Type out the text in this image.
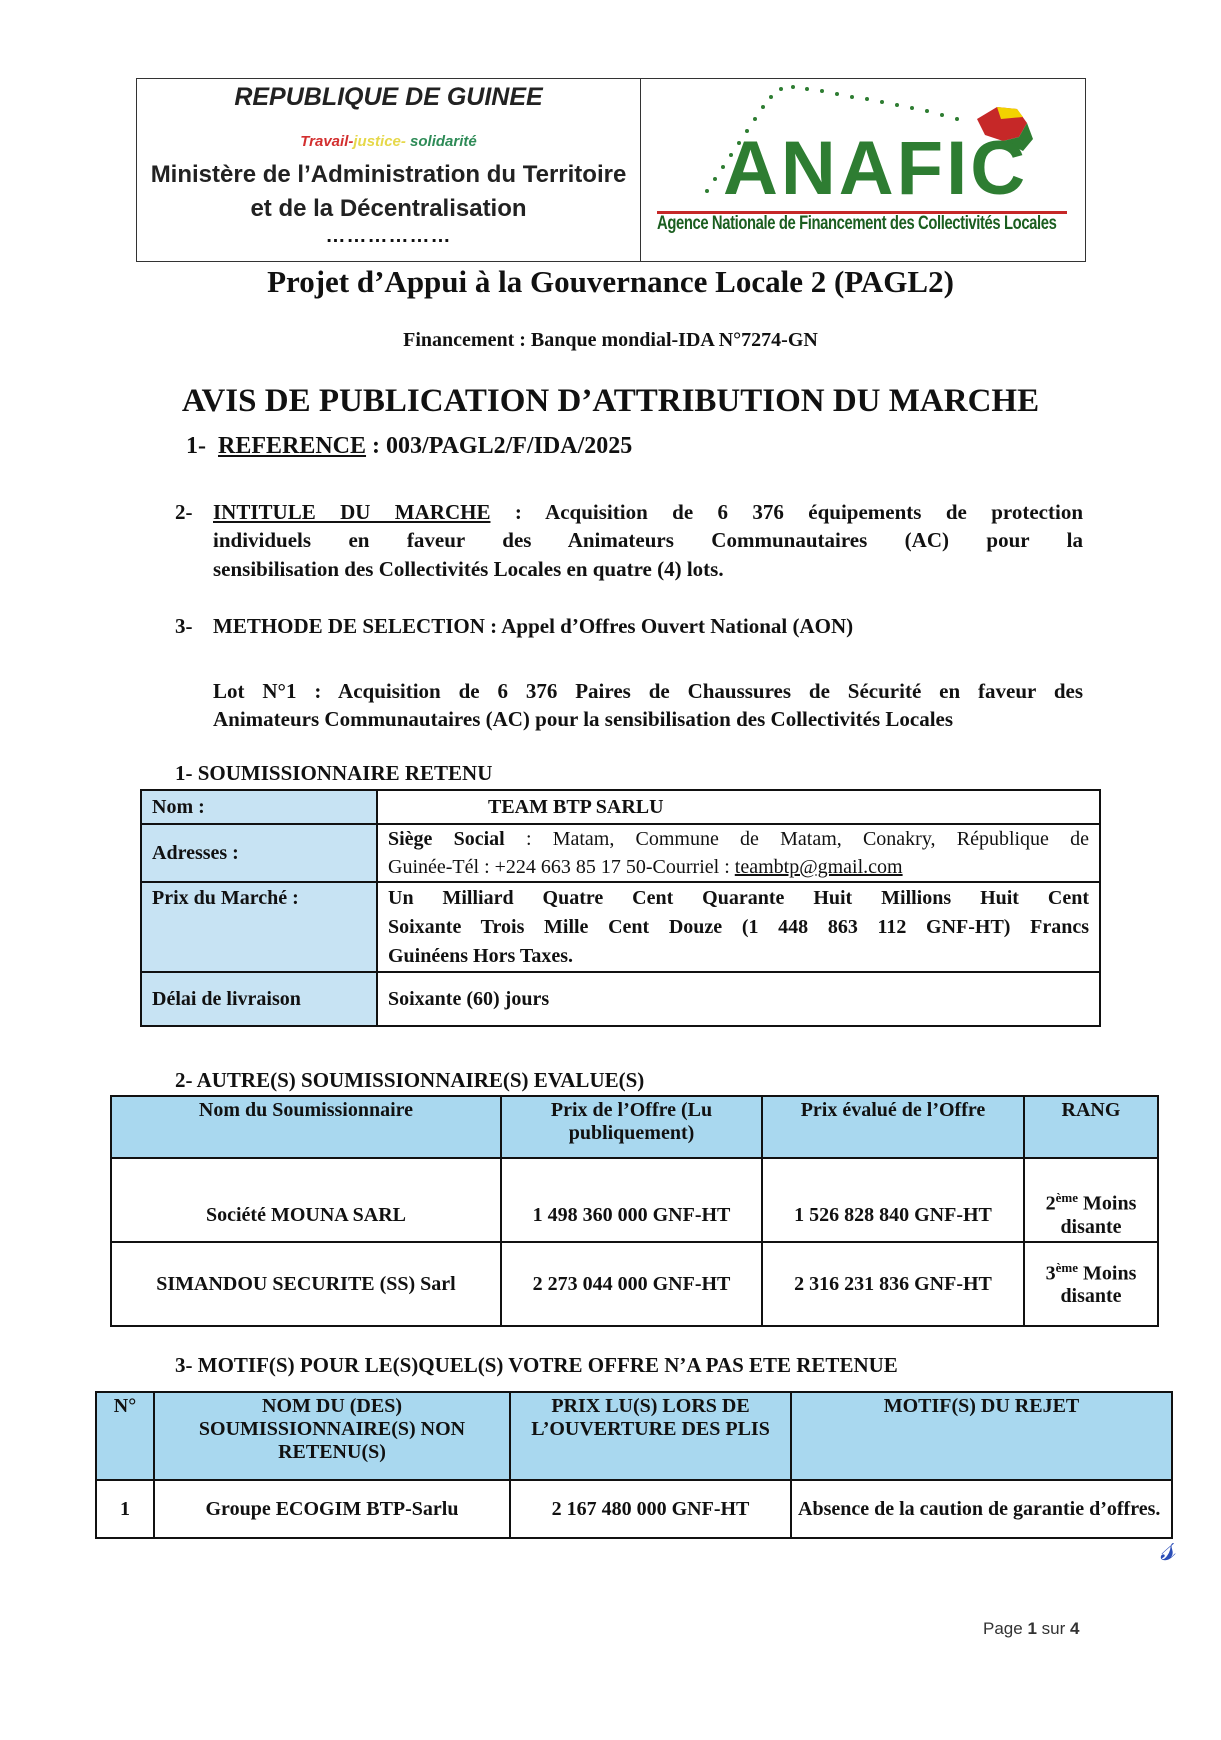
REPUBLIQUE DE GUINEE
Travail-justice- solidarité
Ministère de l’Administration du Territoire
et de la Décentralisation
………………
ANAFIC
Agence Nationale de Financement des Collectivités Locales
Projet d’Appui à la Gouvernance Locale 2 (PAGL2)
Financement : Banque mondial-IDA N°7274-GN
AVIS DE PUBLICATION D’ATTRIBUTION DU MARCHE
1- REFERENCE : 003/PAGL2/F/IDA/2025
2- INTITULE DU MARCHE : Acquisition de 6 376 équipements de protection
individuels en faveur des Animateurs Communautaires (AC) pour la
sensibilisation des Collectivités Locales en quatre (4) lots.
3- METHODE DE SELECTION : Appel d’Offres Ouvert National (AON)
Lot N°1 : Acquisition de 6 376 Paires de Chaussures de Sécurité en faveur des
Animateurs Communautaires (AC) pour la sensibilisation des Collectivités Locales
1- SOUMISSIONNAIRE RETENU
Nom :	TEAM BTP SARLU
Adresses :	Siège Social : Matam, Commune de Matam, Conakry, République de
Guinée-Tél : +224 663 85 17 50-Courriel : teambtp@gmail.com

Prix du Marché :	Un Milliard Quatre Cent Quarante Huit Millions Huit Cent
Soixante Trois Mille Cent Douze (1 448 863 112 GNF-HT) Francs
Guinéens Hors Taxes.

Délai de livraison	Soixante (60) jours
2- AUTRE(S) SOUMISSIONNAIRE(S) EVALUE(S)
Nom du Soumissionnaire	Prix de l’Offre (Lu publiquement)	Prix évalué de l’Offre	RANG
Société MOUNA SARL	1 498 360 000 GNF-HT	1 526 828 840 GNF-HT	2ème Moins disante
SIMANDOU SECURITE (SS) Sarl	2 273 044 000 GNF-HT	2 316 231 836 GNF-HT	3ème Moins disante
3- MOTIF(S) POUR LE(S)QUEL(S) VOTRE OFFRE N’A PAS ETE RETENUE
N°	NOM DU (DES) SOUMISSIONNAIRE(S) NON RETENU(S)	PRIX LU(S) LORS DE L’OUVERTURE DES PLIS	MOTIF(S) DU REJET
1	Groupe ECOGIM BTP-Sarlu	2 167 480 000 GNF-HT	Absence de la caution de garantie d’offres.
𝓈
Page 1 sur 4
